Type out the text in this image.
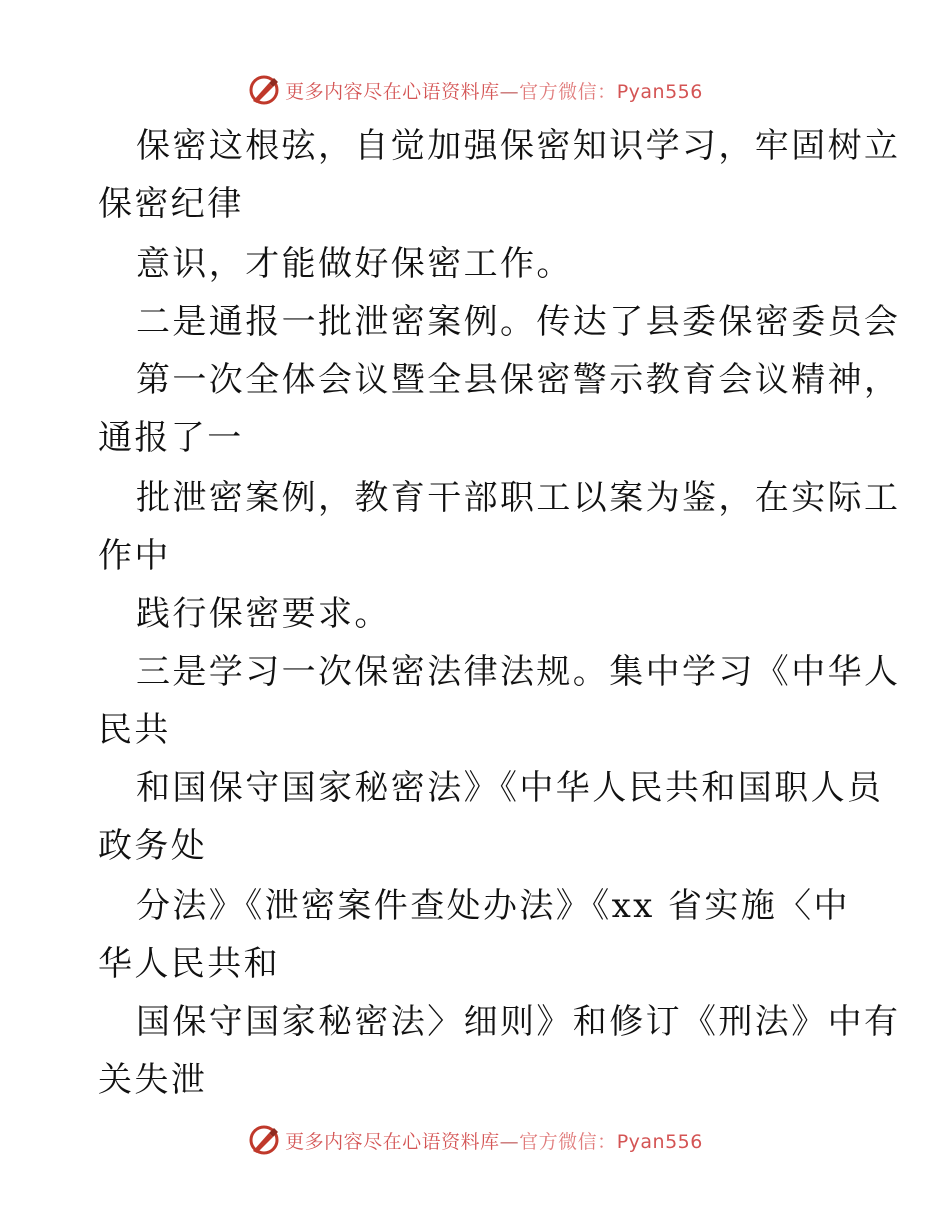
更多内容尽在心语资料库—官方微信：Pyan556
保密这根弦，自觉加强保密知识学习，牢固树立
保密纪律
意识，才能做好保密工作。
二是通报一批泄密案例。传达了县委保密委员会
第一次全体会议暨全县保密警示教育会议精神，
通报了一
批泄密案例，教育干部职工以案为鉴，在实际工
作中
践行保密要求。
三是学习一次保密法律法规。集中学习《中华人
民共
和国保守国家秘密法》《中华人民共和国职人员
政务处
分法》《泄密案件查处办法》《xx 省实施〈中
华人民共和
国保守国家秘密法〉细则》和修订《刑法》中有
关失泄
更多内容尽在心语资料库—官方微信：Pyan556
